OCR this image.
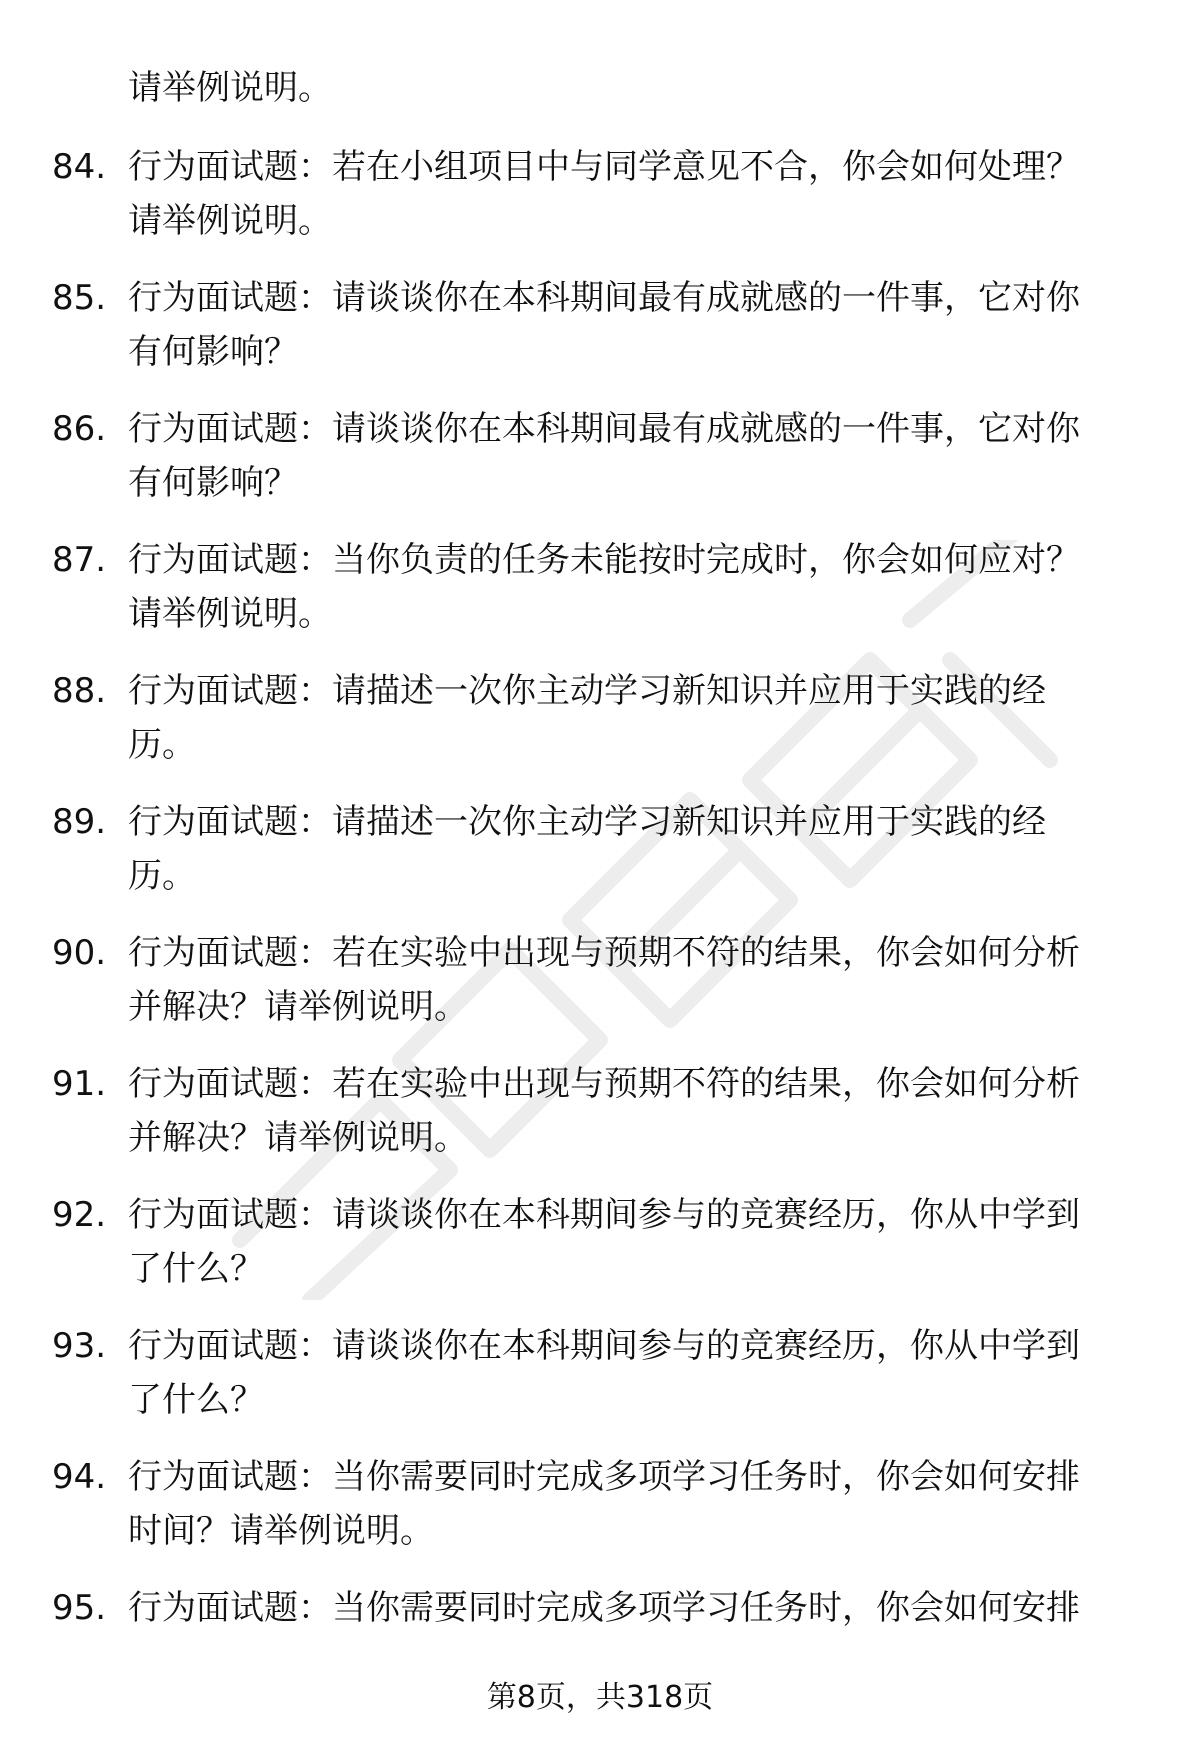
请举例说明。
84. 行为面试题：若在小组项目中与同学意见不合，你会如何处理？
请举例说明。
85. 行为面试题：请谈谈你在本科期间最有成就感的一件事，它对你
有何影响？
86. 行为面试题：请谈谈你在本科期间最有成就感的一件事，它对你
有何影响？
87. 行为面试题：当你负责的任务未能按时完成时，你会如何应对？
请举例说明。
88. 行为面试题：请描述一次你主动学习新知识并应用于实践的经
历。
89. 行为面试题：请描述一次你主动学习新知识并应用于实践的经
历。
90. 行为面试题：若在实验中出现与预期不符的结果，你会如何分析
并解决？请举例说明。
91. 行为面试题：若在实验中出现与预期不符的结果，你会如何分析
并解决？请举例说明。
92. 行为面试题：请谈谈你在本科期间参与的竞赛经历，你从中学到
了什么？
93. 行为面试题：请谈谈你在本科期间参与的竞赛经历，你从中学到
了什么？
94. 行为面试题：当你需要同时完成多项学习任务时，你会如何安排
时间？请举例说明。
95. 行为面试题：当你需要同时完成多项学习任务时，你会如何安排
第8页，共318页
